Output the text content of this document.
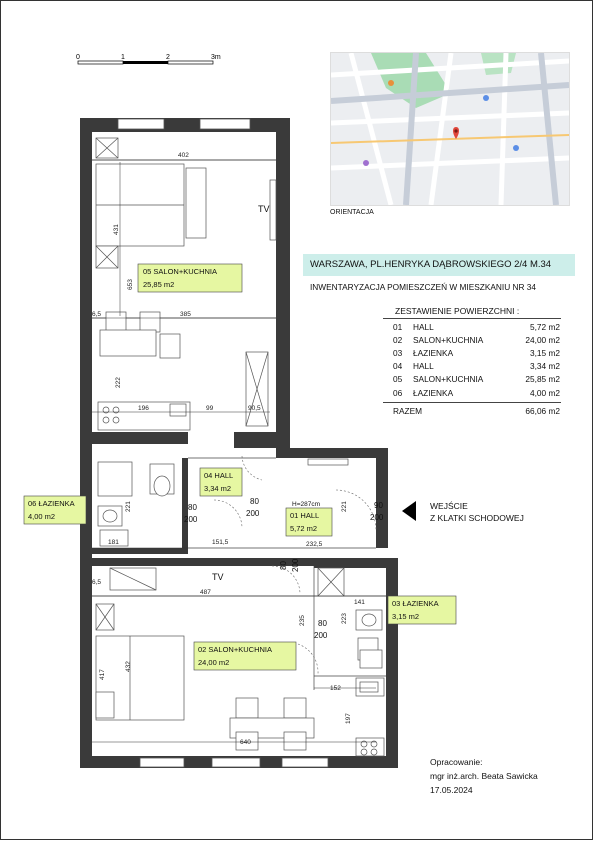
0	1	2	3m
ORIENTACJA
WARSZAWA, PL.HENRYKA DĄBROWSKIEGO 2/4 M.34
INWENTARYZACJA POMIESZCZEŃ W MIESZKANIU NR 34
ZESTAWIENIE POWIERZCHNI :
01 HALL	5,72 m2
02 SALON+KUCHNIA	24,00 m2
03 ŁAZIENKA	3,15 m2
04 HALL	3,34 m2
05 SALON+KUCHNIA	25,85 m2
06 ŁAZIENKA	4,00 m2
RAZEM	66,06 m2
WEJŚCIE
Z KLATKI SCHODOWEJ
Opracowanie:
mgr inż.arch. Beata Sawicka
17.05.2024
402
431
653
385
6,5
222
196	99	90,5
221
181	151,5
221
232,5
6,5
487
141
223
235
417
432
152
197
640
80
200
80
200
90
200
80 200
80
200
TV
TV
H=287cm
05 SALON+KUCHNIA
25,85 m2
06 ŁAZIENKA
4,00 m2
04 HALL
3,34 m2
01 HALL
5,72 m2
02 SALON+KUCHNIA
24,00 m2
03 ŁAZIENKA
3,15 m2
